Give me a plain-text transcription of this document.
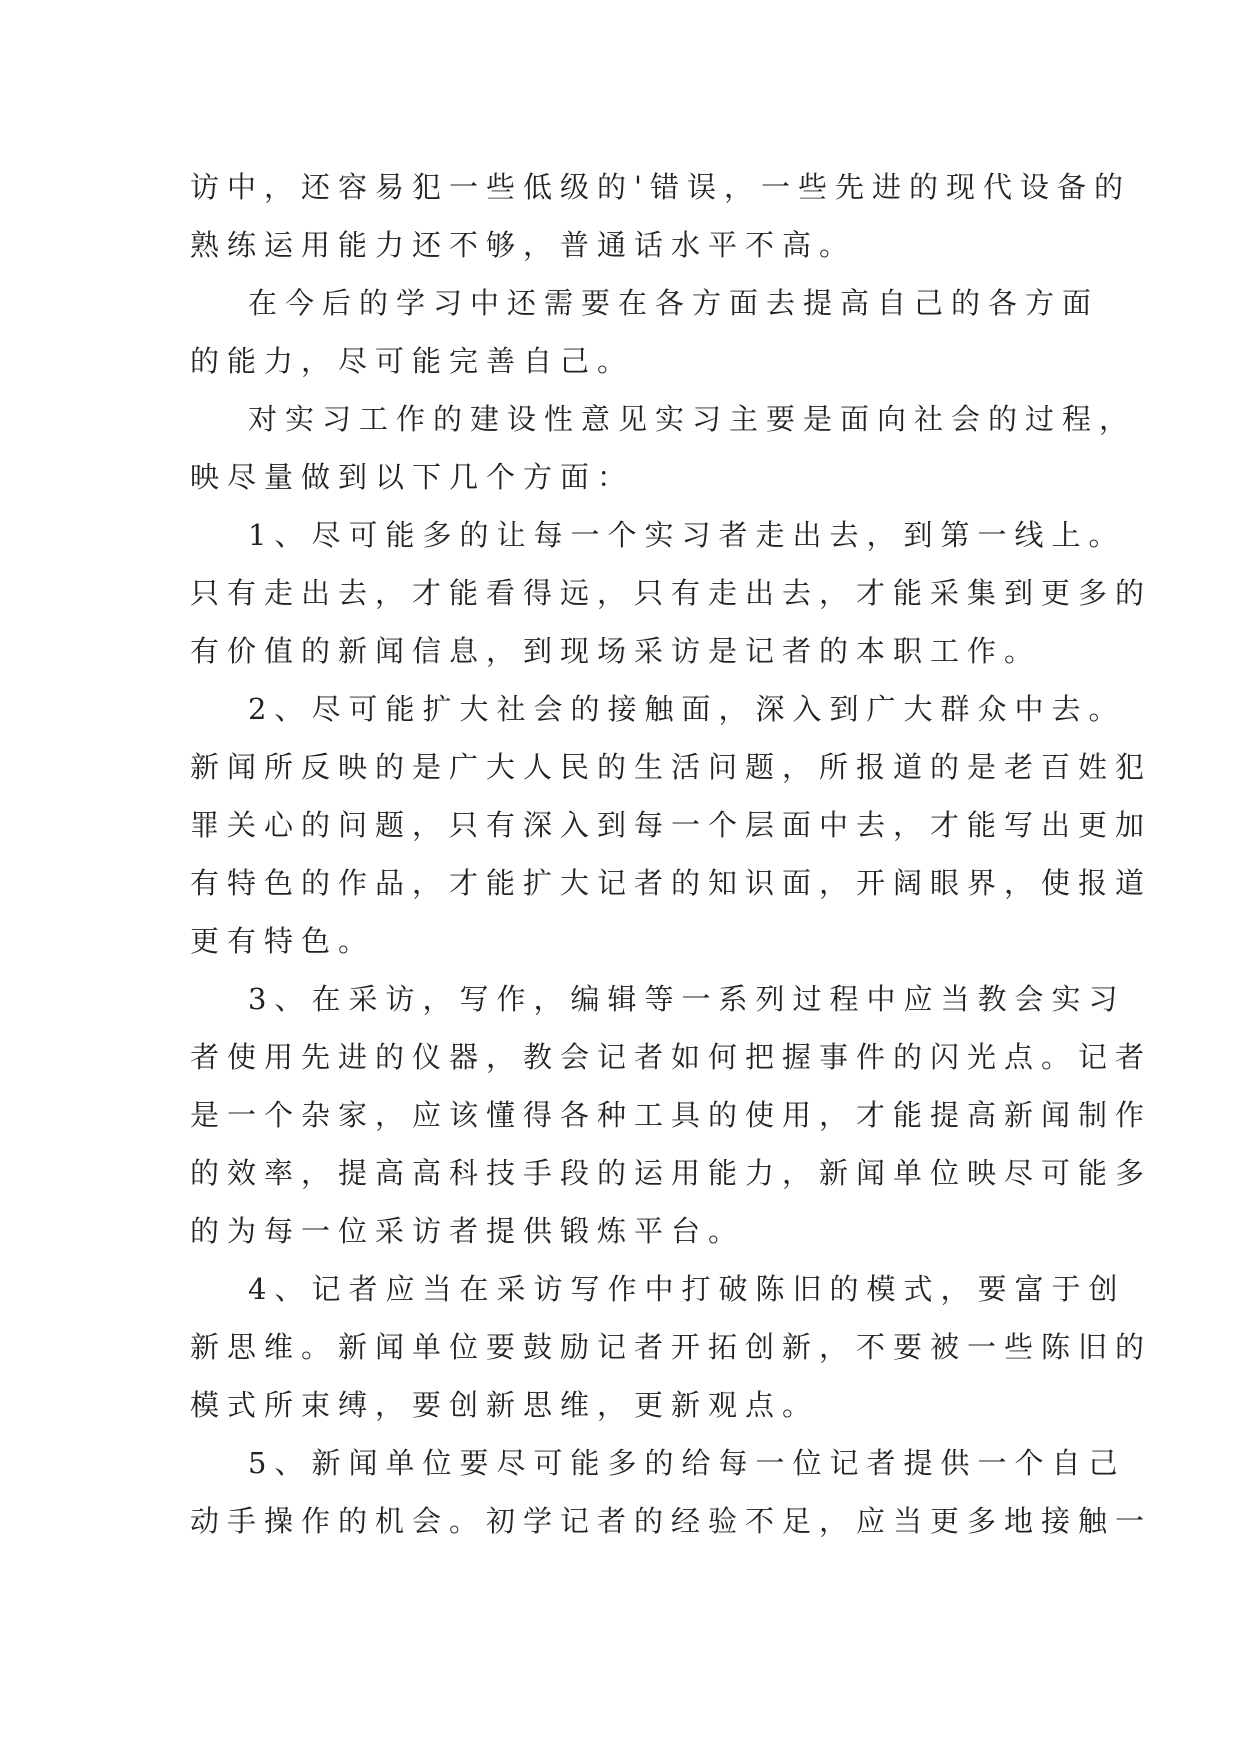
访中，还容易犯一些低级的'错误，一些先进的现代设备的
熟练运用能力还不够，普通话水平不高。
在今后的学习中还需要在各方面去提高自己的各方面
的能力，尽可能完善自己。
对实习工作的建设性意见实习主要是面向社会的过程，
映尽量做到以下几个方面：
1、尽可能多的让每一个实习者走出去，到第一线上。
只有走出去，才能看得远，只有走出去，才能采集到更多的
有价值的新闻信息，到现场采访是记者的本职工作。
2、尽可能扩大社会的接触面，深入到广大群众中去。
新闻所反映的是广大人民的生活问题，所报道的是老百姓犯
罪关心的问题，只有深入到每一个层面中去，才能写出更加
有特色的作品，才能扩大记者的知识面，开阔眼界，使报道
更有特色。
3、在采访，写作，编辑等一系列过程中应当教会实习
者使用先进的仪器，教会记者如何把握事件的闪光点。记者
是一个杂家，应该懂得各种工具的使用，才能提高新闻制作
的效率，提高高科技手段的运用能力，新闻单位映尽可能多
的为每一位采访者提供锻炼平台。
4、记者应当在采访写作中打破陈旧的模式，要富于创
新思维。新闻单位要鼓励记者开拓创新，不要被一些陈旧的
模式所束缚，要创新思维，更新观点。
5、新闻单位要尽可能多的给每一位记者提供一个自己
动手操作的机会。初学记者的经验不足，应当更多地接触一
